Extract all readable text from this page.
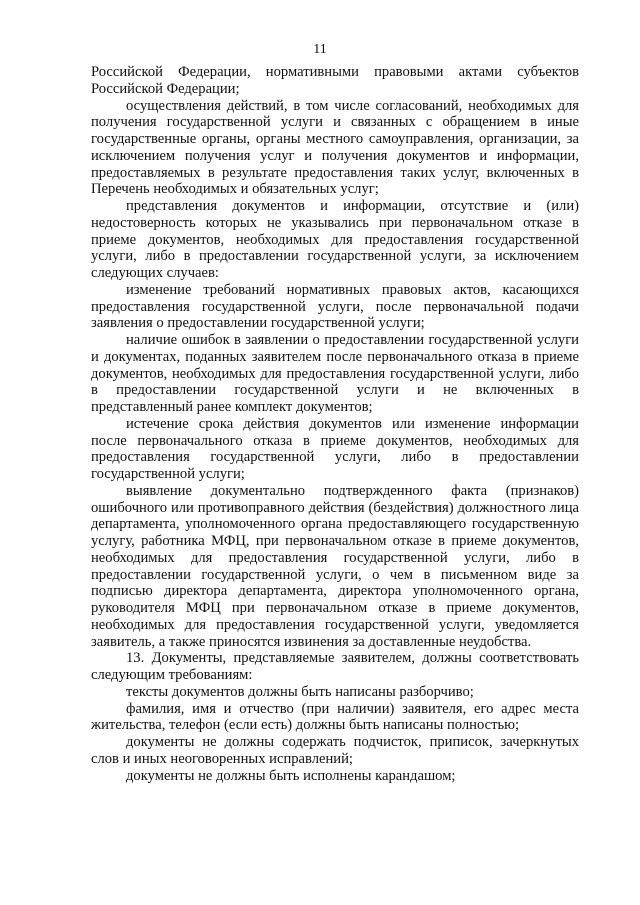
11

Российской Федерации, нормативными правовыми актами субъектов Российской Федерации;

осуществления действий, в том числе согласований, необходимых для получения государственной услуги и связанных с обращением в иные государственные органы, органы местного самоуправления, организации, за исключением получения услуг и получения документов и информации, предоставляемых в результате предоставления таких услуг, включенных в Перечень необходимых и обязательных услуг;

представления документов и информации, отсутствие и (или) недостоверность которых не указывались при первоначальном отказе в приеме документов, необходимых для предоставления государственной услуги, либо в предоставлении государственной услуги, за исключением следующих случаев:

изменение требований нормативных правовых актов, касающихся предоставления государственной услуги, после первоначальной подачи заявления о предоставлении государственной услуги;

наличие ошибок в заявлении о предоставлении государственной услуги и документах, поданных заявителем после первоначального отказа в приеме документов, необходимых для предоставления государственной услуги, либо в предоставлении государственной услуги и не включенных в представленный ранее комплект документов;

истечение срока действия документов или изменение информации после первоначального отказа в приеме документов, необходимых для предоставления государственной услуги, либо в предоставлении государственной услуги;

выявление документально подтвержденного факта (признаков) ошибочного или противоправного действия (бездействия) должностного лица департамента, уполномоченного органа предоставляющего государственную услугу, работника МФЦ, при первоначальном отказе в приеме документов, необходимых для предоставления государственной услуги, либо в предоставлении государственной услуги, о чем в письменном виде за подписью директора департамента, директора уполномоченного органа, руководителя МФЦ при первоначальном отказе в приеме документов, необходимых для предоставления государственной услуги, уведомляется заявитель, а также приносятся извинения за доставленные неудобства.

13. Документы, представляемые заявителем, должны соответствовать следующим требованиям:

тексты документов должны быть написаны разборчиво;

фамилия, имя и отчество (при наличии) заявителя, его адрес места жительства, телефон (если есть) должны быть написаны полностью;

документы не должны содержать подчисток, приписок, зачеркнутых слов и иных неоговоренных исправлений;

документы не должны быть исполнены карандашом;
